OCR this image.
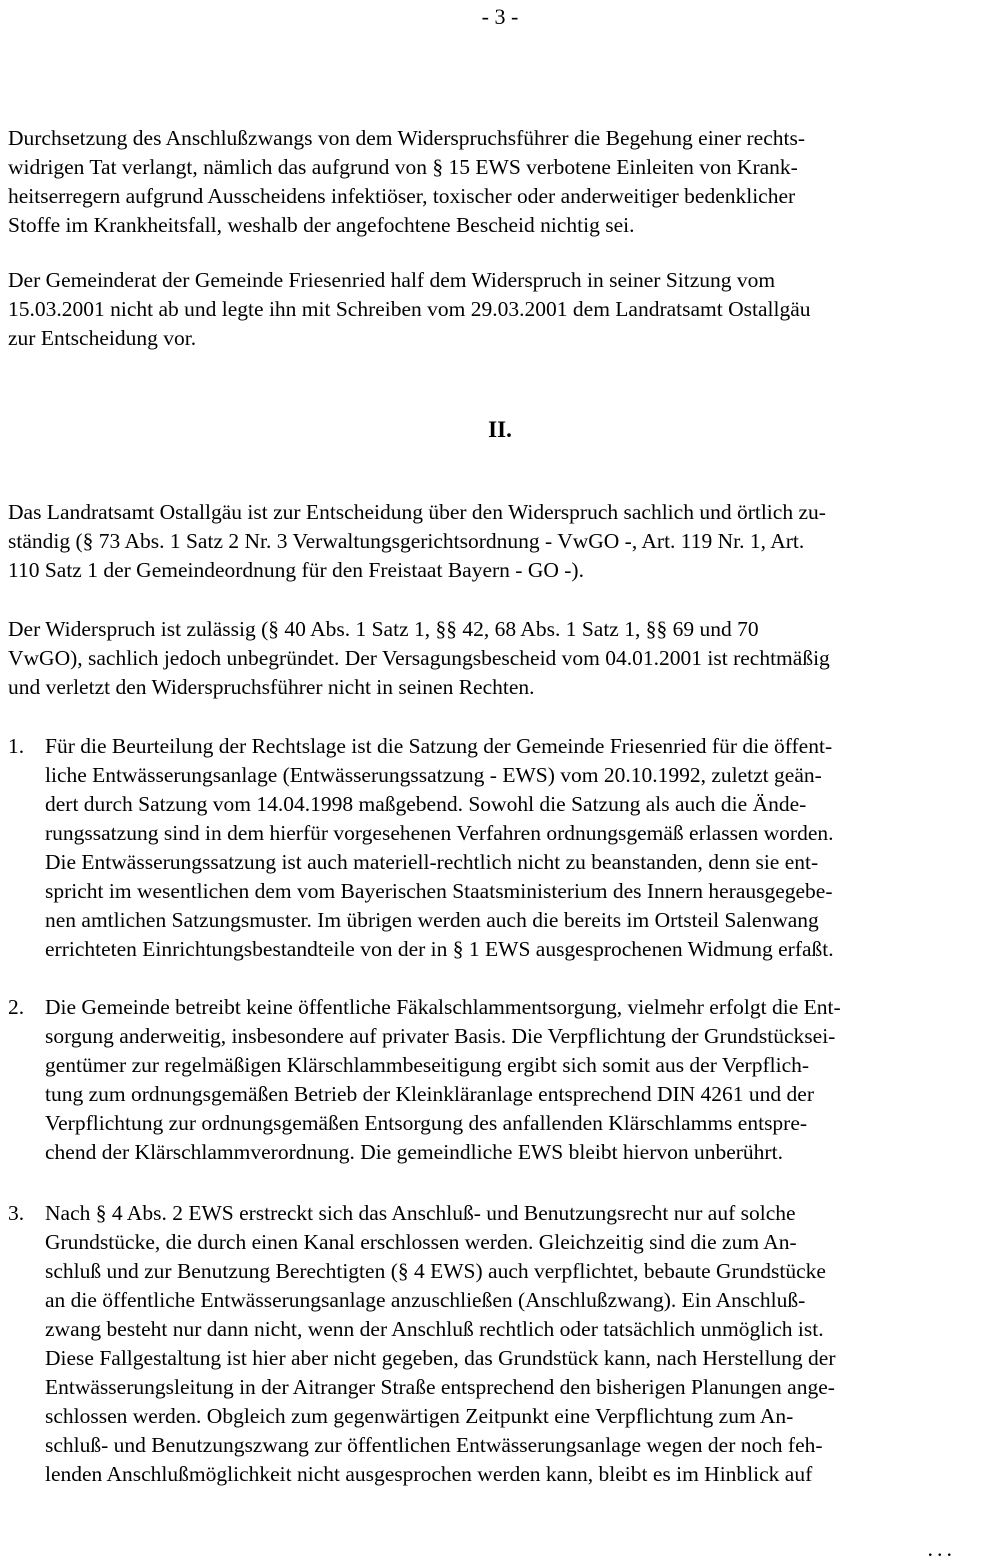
- 3 -
Durchsetzung des Anschlußzwangs von dem Widerspruchsführer die Begehung einer rechts-
widrigen Tat verlangt, nämlich das aufgrund von § 15 EWS verbotene Einleiten von Krank-
heitserregern aufgrund Ausscheidens infektiöser, toxischer oder anderweitiger bedenklicher
Stoffe im Krankheitsfall, weshalb der angefochtene Bescheid nichtig sei.
Der Gemeinderat der Gemeinde Friesenried half dem Widerspruch in seiner Sitzung vom
15.03.2001 nicht ab und legte ihn mit Schreiben vom 29.03.2001 dem Landratsamt Ostallgäu
zur Entscheidung vor.
II.
Das Landratsamt Ostallgäu ist zur Entscheidung über den Widerspruch sachlich und örtlich zu-
ständig (§ 73 Abs. 1 Satz 2 Nr. 3 Verwaltungsgerichtsordnung - VwGO -, Art. 119 Nr. 1, Art.
110 Satz 1 der Gemeindeordnung für den Freistaat Bayern - GO -).
Der Widerspruch ist zulässig (§ 40 Abs. 1 Satz 1, §§ 42, 68 Abs. 1 Satz 1, §§ 69 und 70
VwGO), sachlich jedoch unbegründet. Der Versagungsbescheid vom 04.01.2001 ist rechtmäßig
und verletzt den Widerspruchsführer nicht in seinen Rechten.
1. Für die Beurteilung der Rechtslage ist die Satzung der Gemeinde Friesenried für die öffent-
liche Entwässerungsanlage (Entwässerungssatzung - EWS) vom 20.10.1992, zuletzt geän-
dert durch Satzung vom 14.04.1998 maßgebend. Sowohl die Satzung als auch die Ände-
rungssatzung sind in dem hierfür vorgesehenen Verfahren ordnungsgemäß erlassen worden.
Die Entwässerungssatzung ist auch materiell-rechtlich nicht zu beanstanden, denn sie ent-
spricht im wesentlichen dem vom Bayerischen Staatsministerium des Innern herausgegebe-
nen amtlichen Satzungsmuster. Im übrigen werden auch die bereits im Ortsteil Salenwang
errichteten Einrichtungsbestandteile von der in § 1 EWS ausgesprochenen Widmung erfaßt.
2. Die Gemeinde betreibt keine öffentliche Fäkalschlammentsorgung, vielmehr erfolgt die Ent-
sorgung anderweitig, insbesondere auf privater Basis. Die Verpflichtung der Grundstücksei-
gentümer zur regelmäßigen Klärschlammbeseitigung ergibt sich somit aus der Verpflich-
tung zum ordnungsgemäßen Betrieb der Kleinkläranlage entsprechend DIN 4261 und der
Verpflichtung zur ordnungsgemäßen Entsorgung des anfallenden Klärschlamms entspre-
chend der Klärschlammverordnung. Die gemeindliche EWS bleibt hiervon unberührt.
3. Nach § 4 Abs. 2 EWS erstreckt sich das Anschluß- und Benutzungsrecht nur auf solche
Grundstücke, die durch einen Kanal erschlossen werden. Gleichzeitig sind die zum An-
schluß und zur Benutzung Berechtigten (§ 4 EWS) auch verpflichtet, bebaute Grundstücke
an die öffentliche Entwässerungsanlage anzuschließen (Anschlußzwang). Ein Anschluß-
zwang besteht nur dann nicht, wenn der Anschluß rechtlich oder tatsächlich unmöglich ist.
Diese Fallgestaltung ist hier aber nicht gegeben, das Grundstück kann, nach Herstellung der
Entwässerungsleitung in der Aitranger Straße entsprechend den bisherigen Planungen ange-
schlossen werden. Obgleich zum gegenwärtigen Zeitpunkt eine Verpflichtung zum An-
schluß- und Benutzungszwang zur öffentlichen Entwässerungsanlage wegen der noch feh-
lenden Anschlußmöglichkeit nicht ausgesprochen werden kann, bleibt es im Hinblick auf
...
